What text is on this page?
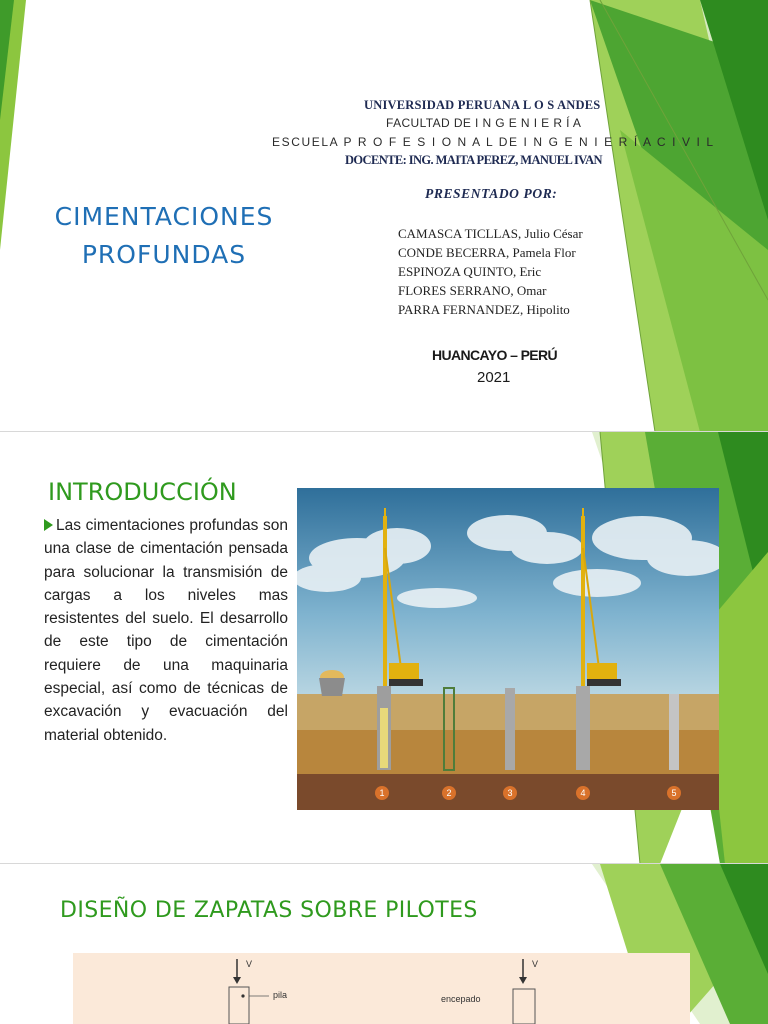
UNIVERSIDAD PERUANA L O S ANDES
FACULTAD DE I N G E N I E R Í A
ESCUELA P R O F E S I O N A L DE I N G E N I E R Í A C I V I L
DOCENTE: ING. MAITA PEREZ, MANUEL IVAN
CIMENTACIONES
PROFUNDAS
PRESENTADO POR:
CAMASCA TICLLAS, Julio César
CONDE BECERRA, Pamela Flor
ESPINOZA QUINTO, Eric
FLORES SERRANO, Omar
PARRA FERNANDEZ, Hipolito
HUANCAYO – PERÚ
2021
INTRODUCCIÓN
Las cimentaciones profundas son una clase de cimentación pensada para solucionar la transmisión de cargas a los niveles mas resistentes del suelo. El desarrollo de este tipo de cimentación requiere de una maquinaria especial, así como de técnicas de excavación y evacuación del material obtenido.
1	2	3	4	5
DISEÑO DE ZAPATAS SOBRE PILOTES
V
pila	encepado
V
